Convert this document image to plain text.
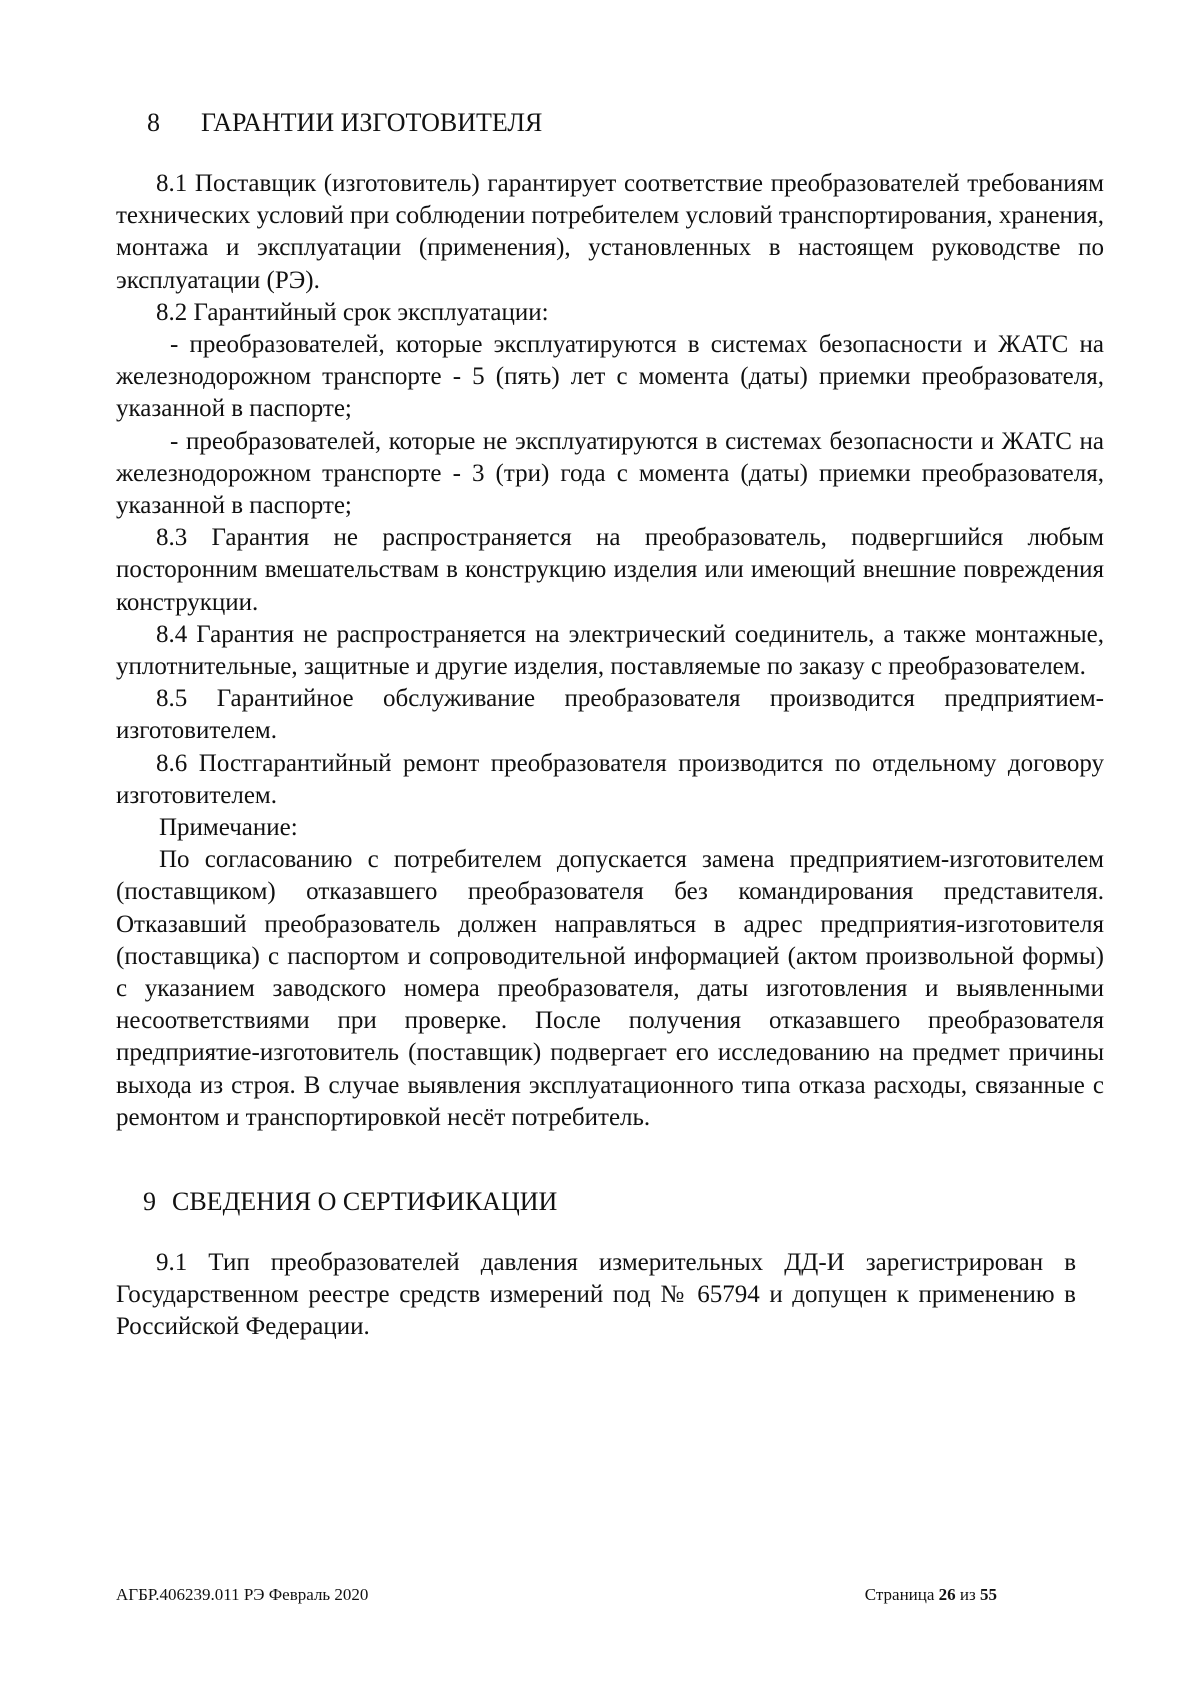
8 ГАРАНТИИ ИЗГОТОВИТЕЛЯ

8.1 Поставщик (изготовитель) гарантирует соответствие преобразователей требованиям технических условий при соблюдении потребителем условий транспортирования, хранения, монтажа и эксплуатации (применения), установленных в настоящем руководстве по эксплуатации (РЭ).

8.2 Гарантийный срок эксплуатации:

- преобразователей, которые эксплуатируются в системах безопасности и ЖАТС на железнодорожном транспорте - 5 (пять) лет с момента (даты) приемки преобразователя, указанной в паспорте;

- преобразователей, которые не эксплуатируются в системах безопасности и ЖАТС на железнодорожном транспорте - 3 (три) года с момента (даты) приемки преобразователя, указанной в паспорте;

8.3 Гарантия не распространяется на преобразователь, подвергшийся любым посторонним вмешательствам в конструкцию изделия или имеющий внешние повреждения конструкции.

8.4 Гарантия не распространяется на электрический соединитель, а также монтажные, уплотнительные, защитные и другие изделия, поставляемые по заказу с преобразователем.

8.5 Гарантийное обслуживание преобразователя производится предприятием-изготовителем.

8.6 Постгарантийный ремонт преобразователя производится по отдельному договору изготовителем.

Примечание:

По согласованию с потребителем допускается замена предприятием-изготовителем (поставщиком) отказавшего преобразователя без командирования представителя. Отказавший преобразователь должен направляться в адрес предприятия-изготовителя (поставщика) с паспортом и сопроводительной информацией (актом произвольной формы) с указанием заводского номера преобразователя, даты изготовления и выявленными несоответствиями при проверке. После получения отказавшего преобразователя предприятие-изготовитель (поставщик) подвергает его исследованию на предмет причины выхода из строя. В случае выявления эксплуатационного типа отказа расходы, связанные с ремонтом и транспортировкой несёт потребитель.

9 СВЕДЕНИЯ О СЕРТИФИКАЦИИ

9.1 Тип преобразователей давления измерительных ДД-И зарегистрирован в Государственном реестре средств измерений под № 65794 и допущен к применению в Российской Федерации.

АГБР.406239.011 РЭ Февраль 2020	Страница 26 из 55
